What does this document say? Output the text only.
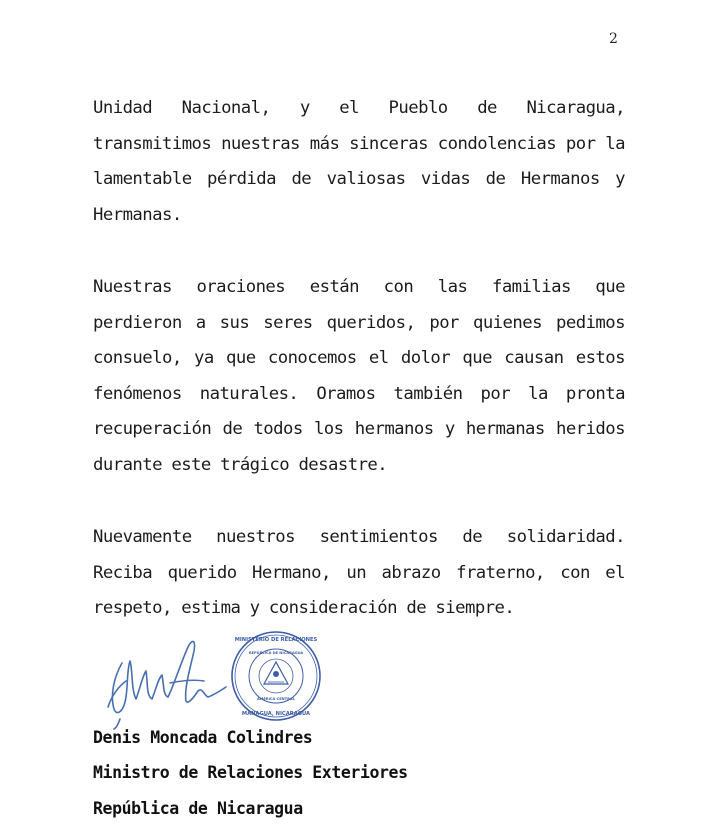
2

Unidad Nacional, y el Pueblo de Nicaragua, transmitimos nuestras más sinceras condolencias por la lamentable pérdida de valiosas vidas de Hermanos y Hermanas.

Nuestras oraciones están con las familias que perdieron a sus seres queridos, por quienes pedimos consuelo, ya que conocemos el dolor que causan estos fenómenos naturales. Oramos también por la pronta recuperación de todos los hermanos y hermanas heridos durante este trágico desastre.

Nuevamente nuestros sentimientos de solidaridad. Reciba querido Hermano, un abrazo fraterno, con el respeto, estima y consideración de siempre.

MINISTERIO DE RELACIONES
MANAGUA, NICARAGUA
REPÚBLICA DE NICARAGUA
AMÉRICA CENTRAL

Denis Moncada Colindres

Ministro de Relaciones Exteriores

República de Nicaragua
